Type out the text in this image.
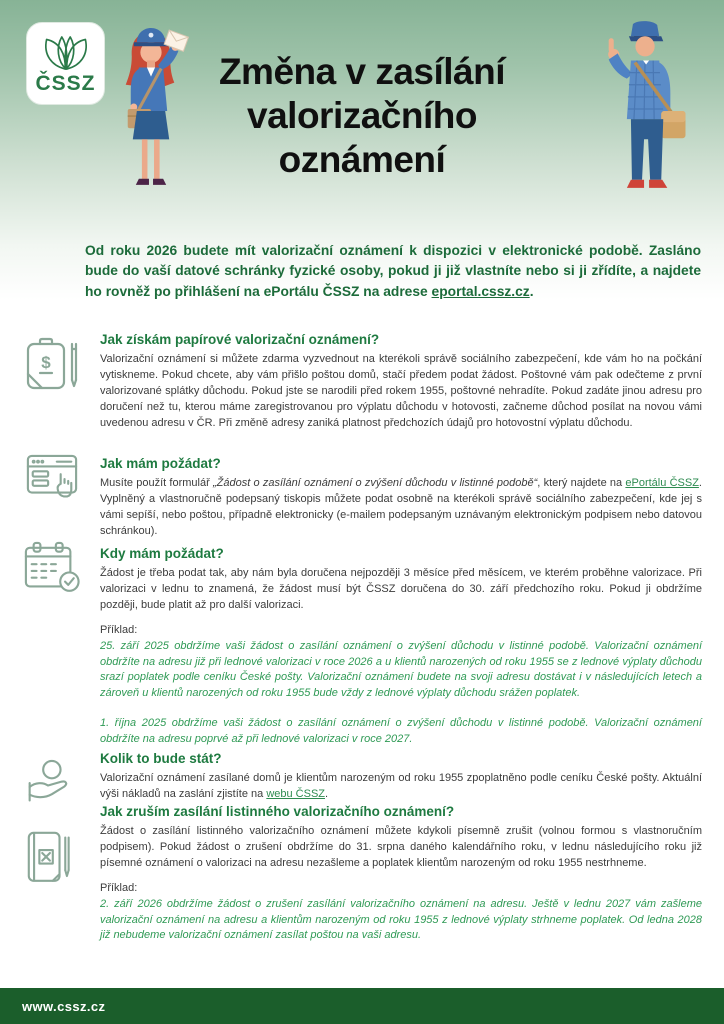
ČSSZ	Změna v zasílání
valorizačního
oznámení

Od roku 2026 budete mít valorizační oznámení k dispozici v elektronické podobě. Zasláno bude do vaší datové schránky fyzické osoby, pokud ji již vlastníte nebo si ji zřídíte, a najdete ho rovněž po přihlášení na ePortálu ČSSZ na adrese eportal.cssz.cz.

$
Jak získám papírové valorizační oznámení?

Valorizační oznámení si můžete zdarma vyzvednout na kterékoli správě sociálního zabezpečení, kde vám ho na počkání vytiskneme. Pokud chcete, aby vám přišlo poštou domů, stačí předem podat žádost. Poštovné vám pak odečteme z první valorizované splátky důchodu. Pokud jste se narodili před rokem 1955, poštovné nehradíte. Pokud zadáte jinou adresu pro doručení než tu, kterou máme zaregistrovanou pro výplatu důchodu v hotovosti, začneme důchod posílat na novou vámi uvedenou adresu v ČR. Při změně adresy zaniká platnost předchozích údajů pro hotovostní výplatu důchodu.

Jak mám požádat?

Musíte použít formulář „Žádost o zasílání oznámení o zvýšení důchodu v listinné podobě“, který najdete na ePortálu ČSSZ. Vyplněný a vlastnoručně podepsaný tiskopis můžete podat osobně na kterékoli správě sociálního zabezpečení, kde jej s vámi sepíší, nebo poštou, případně elektronicky (e-mailem podepsaným uznávaným elektronickým podpisem nebo datovou schránkou).

Kdy mám požádat?

Žádost je třeba podat tak, aby nám byla doručena nejpozději 3 měsíce před měsícem, ve kterém proběhne valorizace. Při valorizaci v lednu to znamená, že žádost musí být ČSSZ doručena do 30. září předchozího roku. Pokud ji obdržíme později, bude platit až pro další valorizaci.

Příklad:

25. září 2025 obdržíme vaši žádost o zasílání oznámení o zvýšení důchodu v listinné podobě. Valorizační oznámení obdržíte na adresu již při lednové valorizaci v roce 2026 a u klientů narozených od roku 1955 se z lednové výplaty důchodu srazí poplatek podle ceníku České pošty. Valorizační oznámení budete na svoji adresu dostávat i v následujících letech a zároveň u klientů narozených od roku 1955 bude vždy z lednové výplaty důchodu srážen poplatek.

1. října 2025 obdržíme vaši žádost o zasílání oznámení o zvýšení důchodu v listinné podobě. Valorizační oznámení obdržíte na adresu poprvé až při lednové valorizaci v roce 2027.

Kolik to bude stát?

Valorizační oznámení zasílané domů je klientům narozeným od roku 1955 zpoplatněno podle ceníku České pošty. Aktuální výši nákladů na zaslání zjistíte na webu ČSSZ.

Jak zruším zasílání listinného valorizačního oznámení?

Žádost o zasílání listinného valorizačního oznámení můžete kdykoli písemně zrušit (volnou formou s vlastnoručním podpisem). Pokud žádost o zrušení obdržíme do 31. srpna daného kalendářního roku, v lednu následujícího roku již písemné oznámení o valorizaci na adresu nezašleme a poplatek klientům narozeným od roku 1955 nestrhneme.

Příklad:

2. září 2026 obdržíme žádost o zrušení zasílání valorizačního oznámení na adresu. Ještě v lednu 2027 vám zašleme valorizační oznámení na adresu a klientům narozeným od roku 1955 z lednové výplaty strhneme poplatek. Od ledna 2028 již nebudeme valorizační oznámení zasílat poštou na vaši adresu.

www.cssz.cz
